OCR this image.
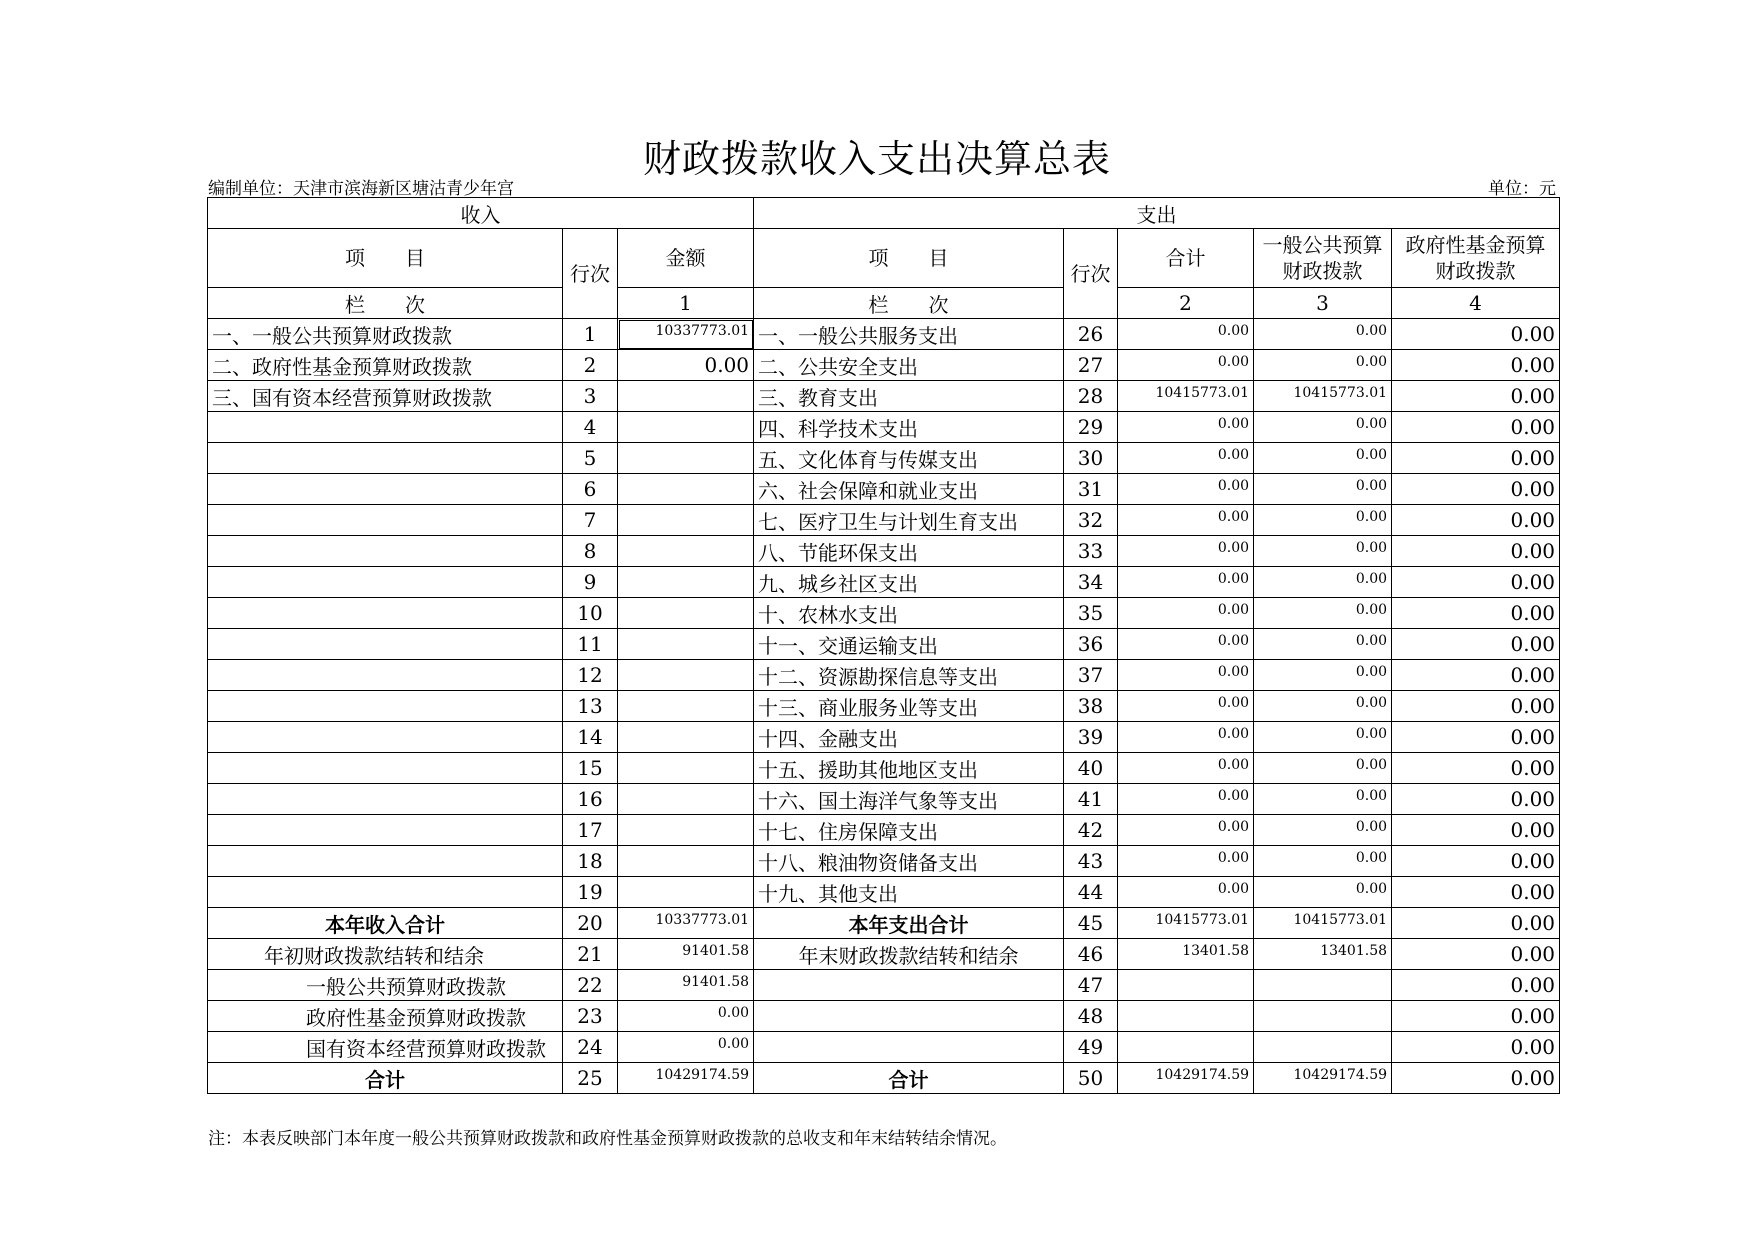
财政拨款收入支出决算总表
编制单位：天津市滨海新区塘沽青少年宫	单位：元
收入			支出				
项　　目	行次	金额	项　　目	行次	合计	一般公共预算财政拨款	政府性基金预算财政拨款
栏　　次		1	栏　　次		2	3	4
一、一般公共预算财政拨款	1	10337773.01	一、一般公共服务支出	26	0.00	0.00	0.00
二、政府性基金预算财政拨款	2	0.00	二、公共安全支出	27	0.00	0.00	0.00
三、国有资本经营预算财政拨款	3		三、教育支出	28	10415773.01	10415773.01	0.00
	4		四、科学技术支出	29	0.00	0.00	0.00
	5		五、文化体育与传媒支出	30	0.00	0.00	0.00
	6		六、社会保障和就业支出	31	0.00	0.00	0.00
	7		七、医疗卫生与计划生育支出	32	0.00	0.00	0.00
	8		八、节能环保支出	33	0.00	0.00	0.00
	9		九、城乡社区支出	34	0.00	0.00	0.00
	10		十、农林水支出	35	0.00	0.00	0.00
	11		十一、交通运输支出	36	0.00	0.00	0.00
	12		十二、资源勘探信息等支出	37	0.00	0.00	0.00
	13		十三、商业服务业等支出	38	0.00	0.00	0.00
	14		十四、金融支出	39	0.00	0.00	0.00
	15		十五、援助其他地区支出	40	0.00	0.00	0.00
	16		十六、国土海洋气象等支出	41	0.00	0.00	0.00
	17		十七、住房保障支出	42	0.00	0.00	0.00
	18		十八、粮油物资储备支出	43	0.00	0.00	0.00
	19		十九、其他支出	44	0.00	0.00	0.00
本年收入合计	20	10337773.01	本年支出合计	45	10415773.01	10415773.01	0.00
年初财政拨款结转和结余	21	91401.58	年末财政拨款结转和结余	46	13401.58	13401.58	0.00
一般公共预算财政拨款	22	91401.58		47			0.00
政府性基金预算财政拨款	23	0.00		48			0.00
国有资本经营预算财政拨款	24	0.00		49			0.00
合计	25	10429174.59	合计	50	10429174.59	10429174.59	0.00
注：本表反映部门本年度一般公共预算财政拨款和政府性基金预算财政拨款的总收支和年末结转结余情况。
